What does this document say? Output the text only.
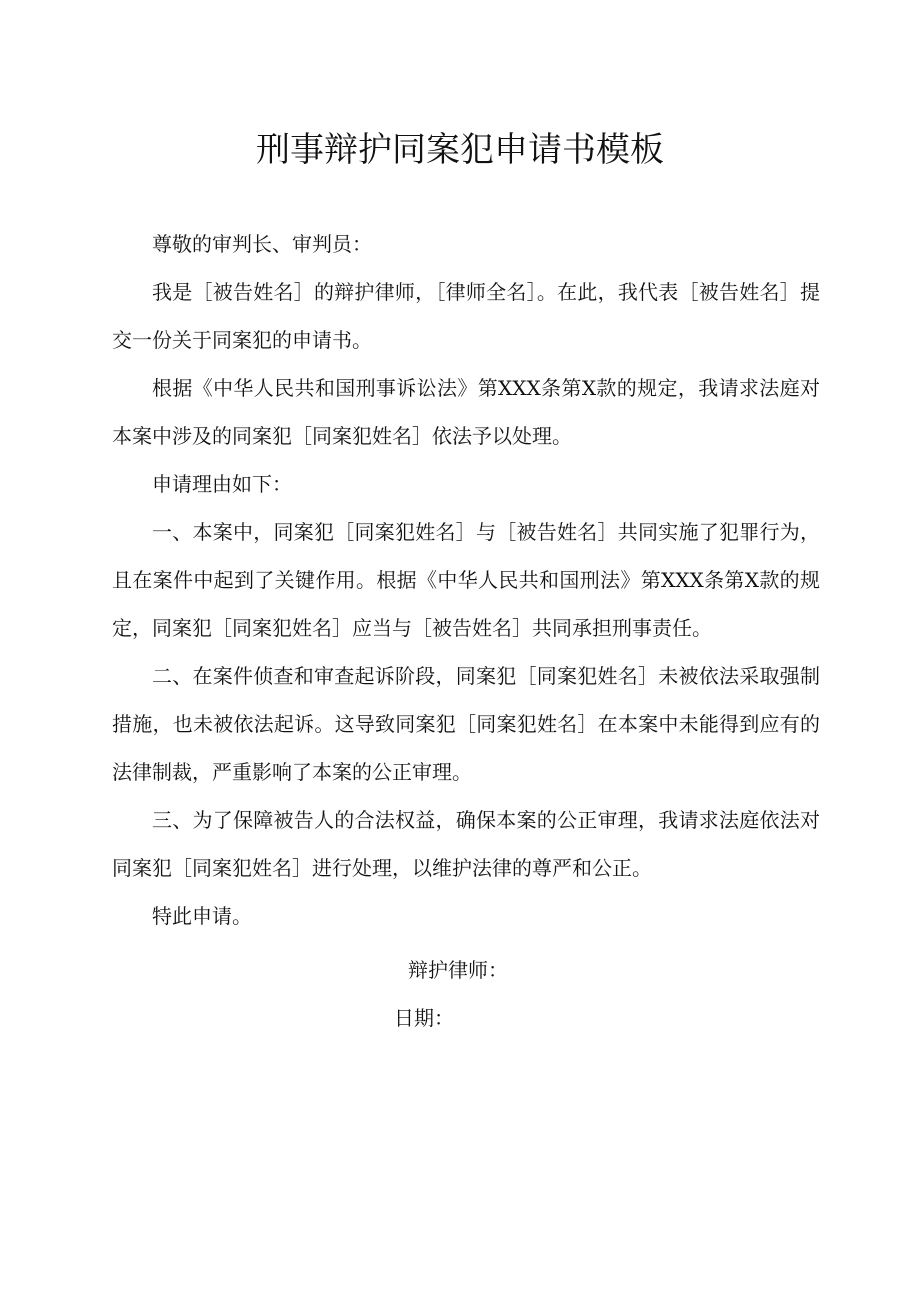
刑事辩护同案犯申请书模板

尊敬的审判长、审判员：

我是［被告姓名］的辩护律师，［律师全名］。在此，我代表［被告姓名］提交一份关于同案犯的申请书。

根据《中华人民共和国刑事诉讼法》第XXX条第X款的规定，我请求法庭对本案中涉及的同案犯［同案犯姓名］依法予以处理。

申请理由如下：

一、本案中，同案犯［同案犯姓名］与［被告姓名］共同实施了犯罪行为，且在案件中起到了关键作用。根据《中华人民共和国刑法》第XXX条第X款的规定，同案犯［同案犯姓名］应当与［被告姓名］共同承担刑事责任。

二、在案件侦查和审查起诉阶段，同案犯［同案犯姓名］未被依法采取强制措施，也未被依法起诉。这导致同案犯［同案犯姓名］在本案中未能得到应有的法律制裁，严重影响了本案的公正审理。

三、为了保障被告人的合法权益，确保本案的公正审理，我请求法庭依法对同案犯［同案犯姓名］进行处理，以维护法律的尊严和公正。

特此申请。

辩护律师：
日期：
